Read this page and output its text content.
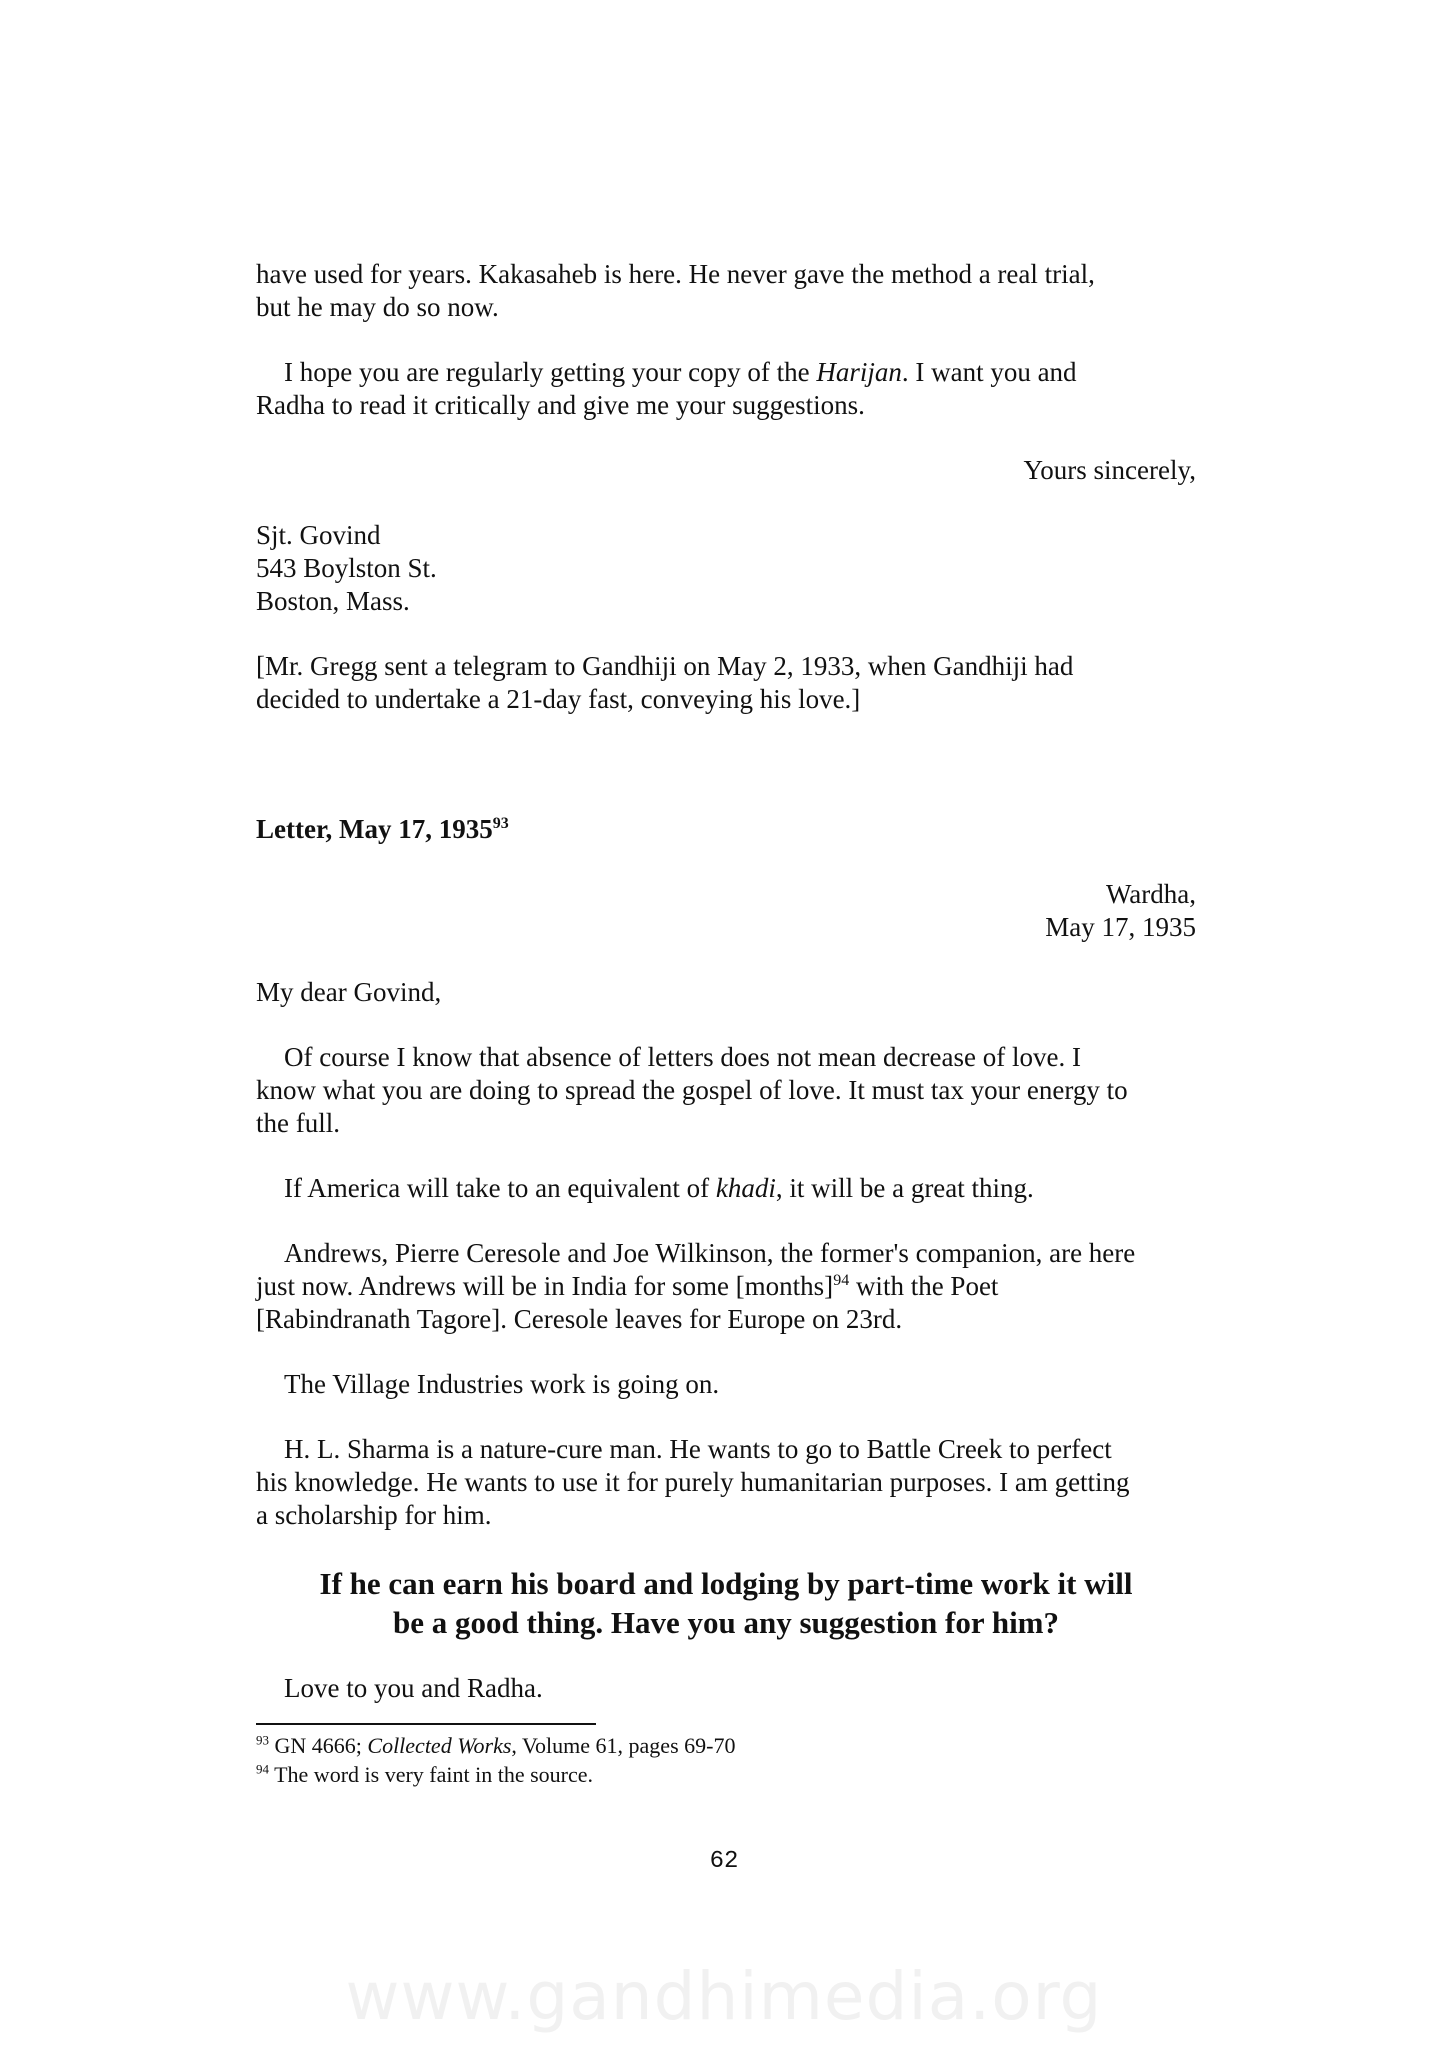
have used for years. Kakasaheb is here. He never gave the method a real trial,

but he may do so now.

I hope you are regularly getting your copy of the Harijan. I want you and

Radha to read it critically and give me your suggestions.

Yours sincerely,

Sjt. Govind

543 Boylston St.

Boston, Mass.

[Mr. Gregg sent a telegram to Gandhiji on May 2, 1933, when Gandhiji had

decided to undertake a 21-day fast, conveying his love.]

Letter, May 17, 1935$^{93}$

Wardha,

May 17, 1935

My dear Govind,

Of course I know that absence of letters does not mean decrease of love. I

know what you are doing to spread the gospel of love. It must tax your energy to

the full.

If America will take to an equivalent of khadi, it will be a great thing.

Andrews, Pierre Ceresole and Joe Wilkinson, the former's companion, are here

just now. Andrews will be in India for some [months]$^{94}$ with the Poet

[Rabindranath Tagore]. Ceresole leaves for Europe on 23rd.

The Village Industries work is going on.

H. L. Sharma is a nature-cure man. He wants to go to Battle Creek to perfect

his knowledge. He wants to use it for purely humanitarian purposes. I am getting

a scholarship for him.

If he can earn his board and lodging by part-time work it will
be a good thing. Have you any suggestion for him?

Love to you and Radha.

$^{93}$ GN 4666; Collected Works, Volume 61, pages 69-70
$^{94}$ The word is very faint in the source.
62
www.gandhimedia.org
